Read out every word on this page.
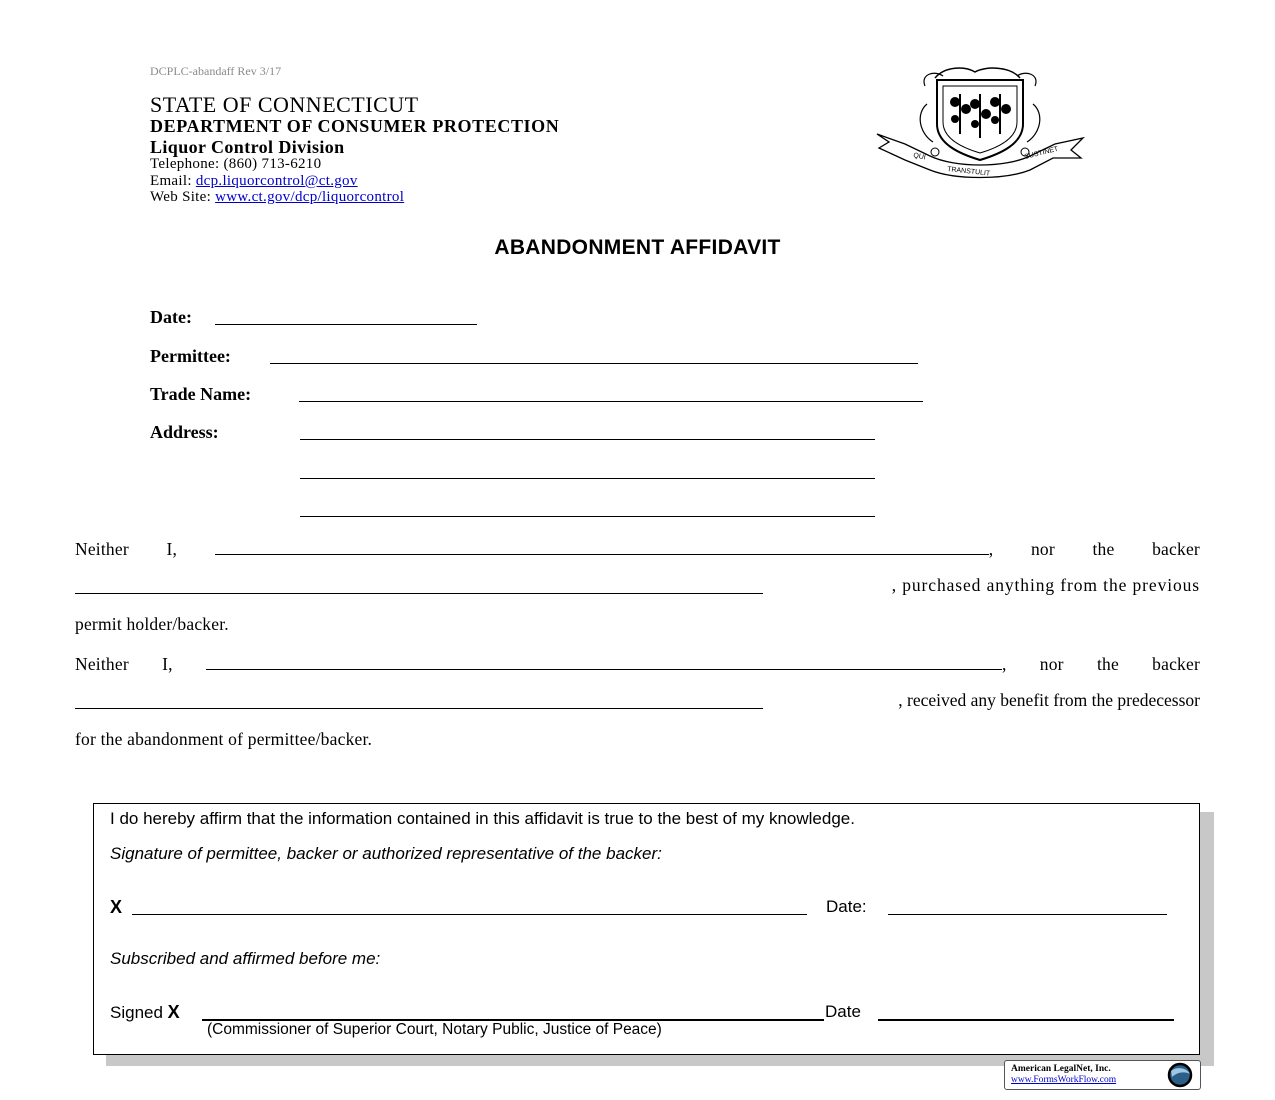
DCPLC-abandaff Rev 3/17
STATE OF CONNECTICUT
DEPARTMENT OF CONSUMER PROTECTION
Liquor Control Division
Telephone: (860) 713-6210
Email: dcp.liquorcontrol@ct.gov
Web Site: www.ct.gov/dcp/liquorcontrol
QUI
TRANSTULIT
SUSTINET
ABANDONMENT AFFIDAVIT
Date:
Permittee:
Trade Name:
Address:
Neither I,	, nor the backer
, purchased anything from the previous
permit holder/backer.
Neither I,	, nor the backer
, received any benefit from the predecessor
for the abandonment of permittee/backer.
I do hereby affirm that the information contained in this affidavit is true to the best of my knowledge.
Signature of permittee, backer or authorized representative of the backer:
X	Date:
Subscribed and affirmed before me:
Signed X	Date
(Commissioner of Superior Court, Notary Public, Justice of Peace)
American LegalNet, Inc.
www.FormsWorkFlow.com
